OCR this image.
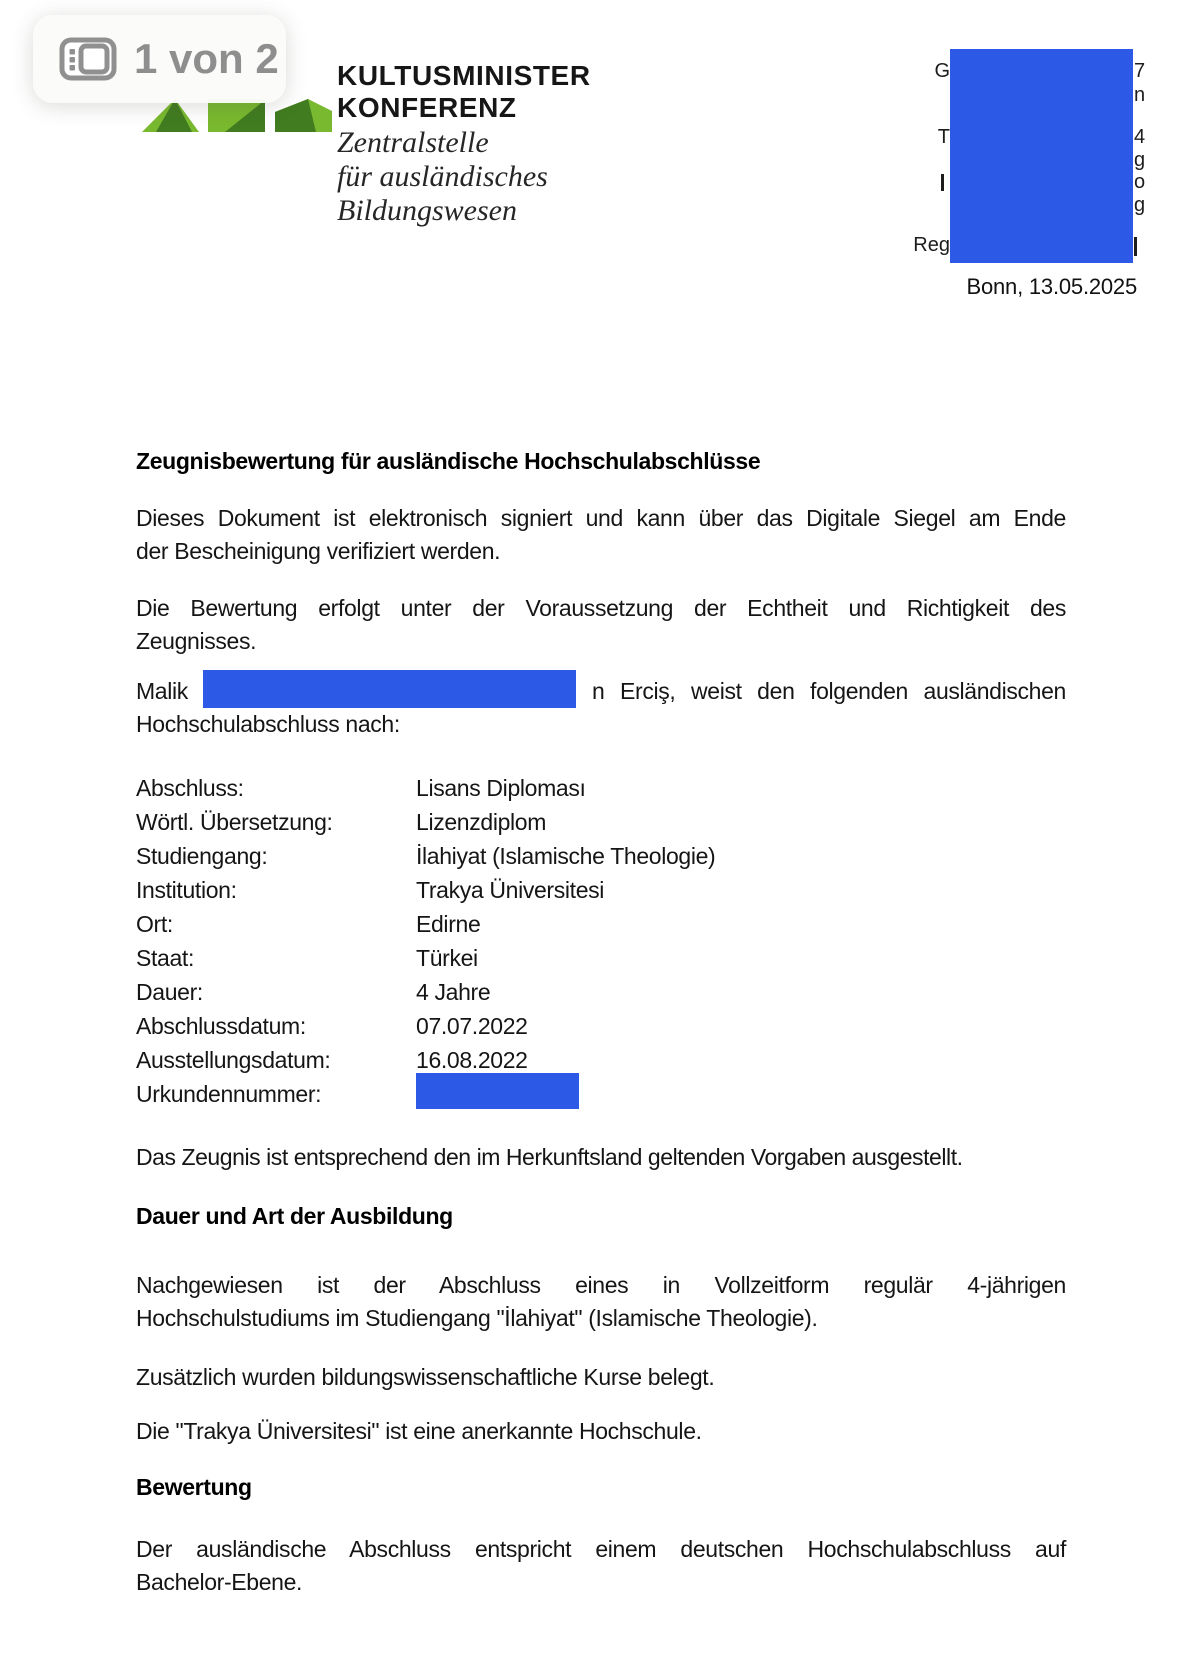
KULTUSMINISTER
KONFERENZ
Zentralstelle
für ausländisches
Bildungswesen
1 von 2	G
T
Reg
7
n
4
g
o
g
Bonn, 13.05.2025
Zeugnisbewertung für ausländische Hochschulabschlüsse
Dieses Dokument ist elektronisch signiert und kann über das Digitale Siegel am Ende
der Bescheinigung verifiziert werden.
Die Bewertung erfolgt unter der Voraussetzung der Echtheit und Richtigkeit des
Zeugnisses.
Malik	n Erciş, weist den folgenden ausländischen
Hochschulabschluss nach:
Abschluss:	Lisans Diploması
Wörtl. Übersetzung:	Lizenzdiplom
Studiengang:	İlahiyat (Islamische Theologie)
Institution:	Trakya Üniversitesi
Ort:	Edirne
Staat:	Türkei
Dauer:	4 Jahre
Abschlussdatum:	07.07.2022
Ausstellungsdatum:	16.08.2022
Urkundennummer:
Das Zeugnis ist entsprechend den im Herkunftsland geltenden Vorgaben ausgestellt.
Dauer und Art der Ausbildung
Nachgewiesen ist der Abschluss eines in Vollzeitform regulär 4-jährigen
Hochschulstudiums im Studiengang "İlahiyat" (Islamische Theologie).
Zusätzlich wurden bildungswissenschaftliche Kurse belegt.
Die "Trakya Üniversitesi" ist eine anerkannte Hochschule.
Bewertung
Der ausländische Abschluss entspricht einem deutschen Hochschulabschluss auf
Bachelor-Ebene.
